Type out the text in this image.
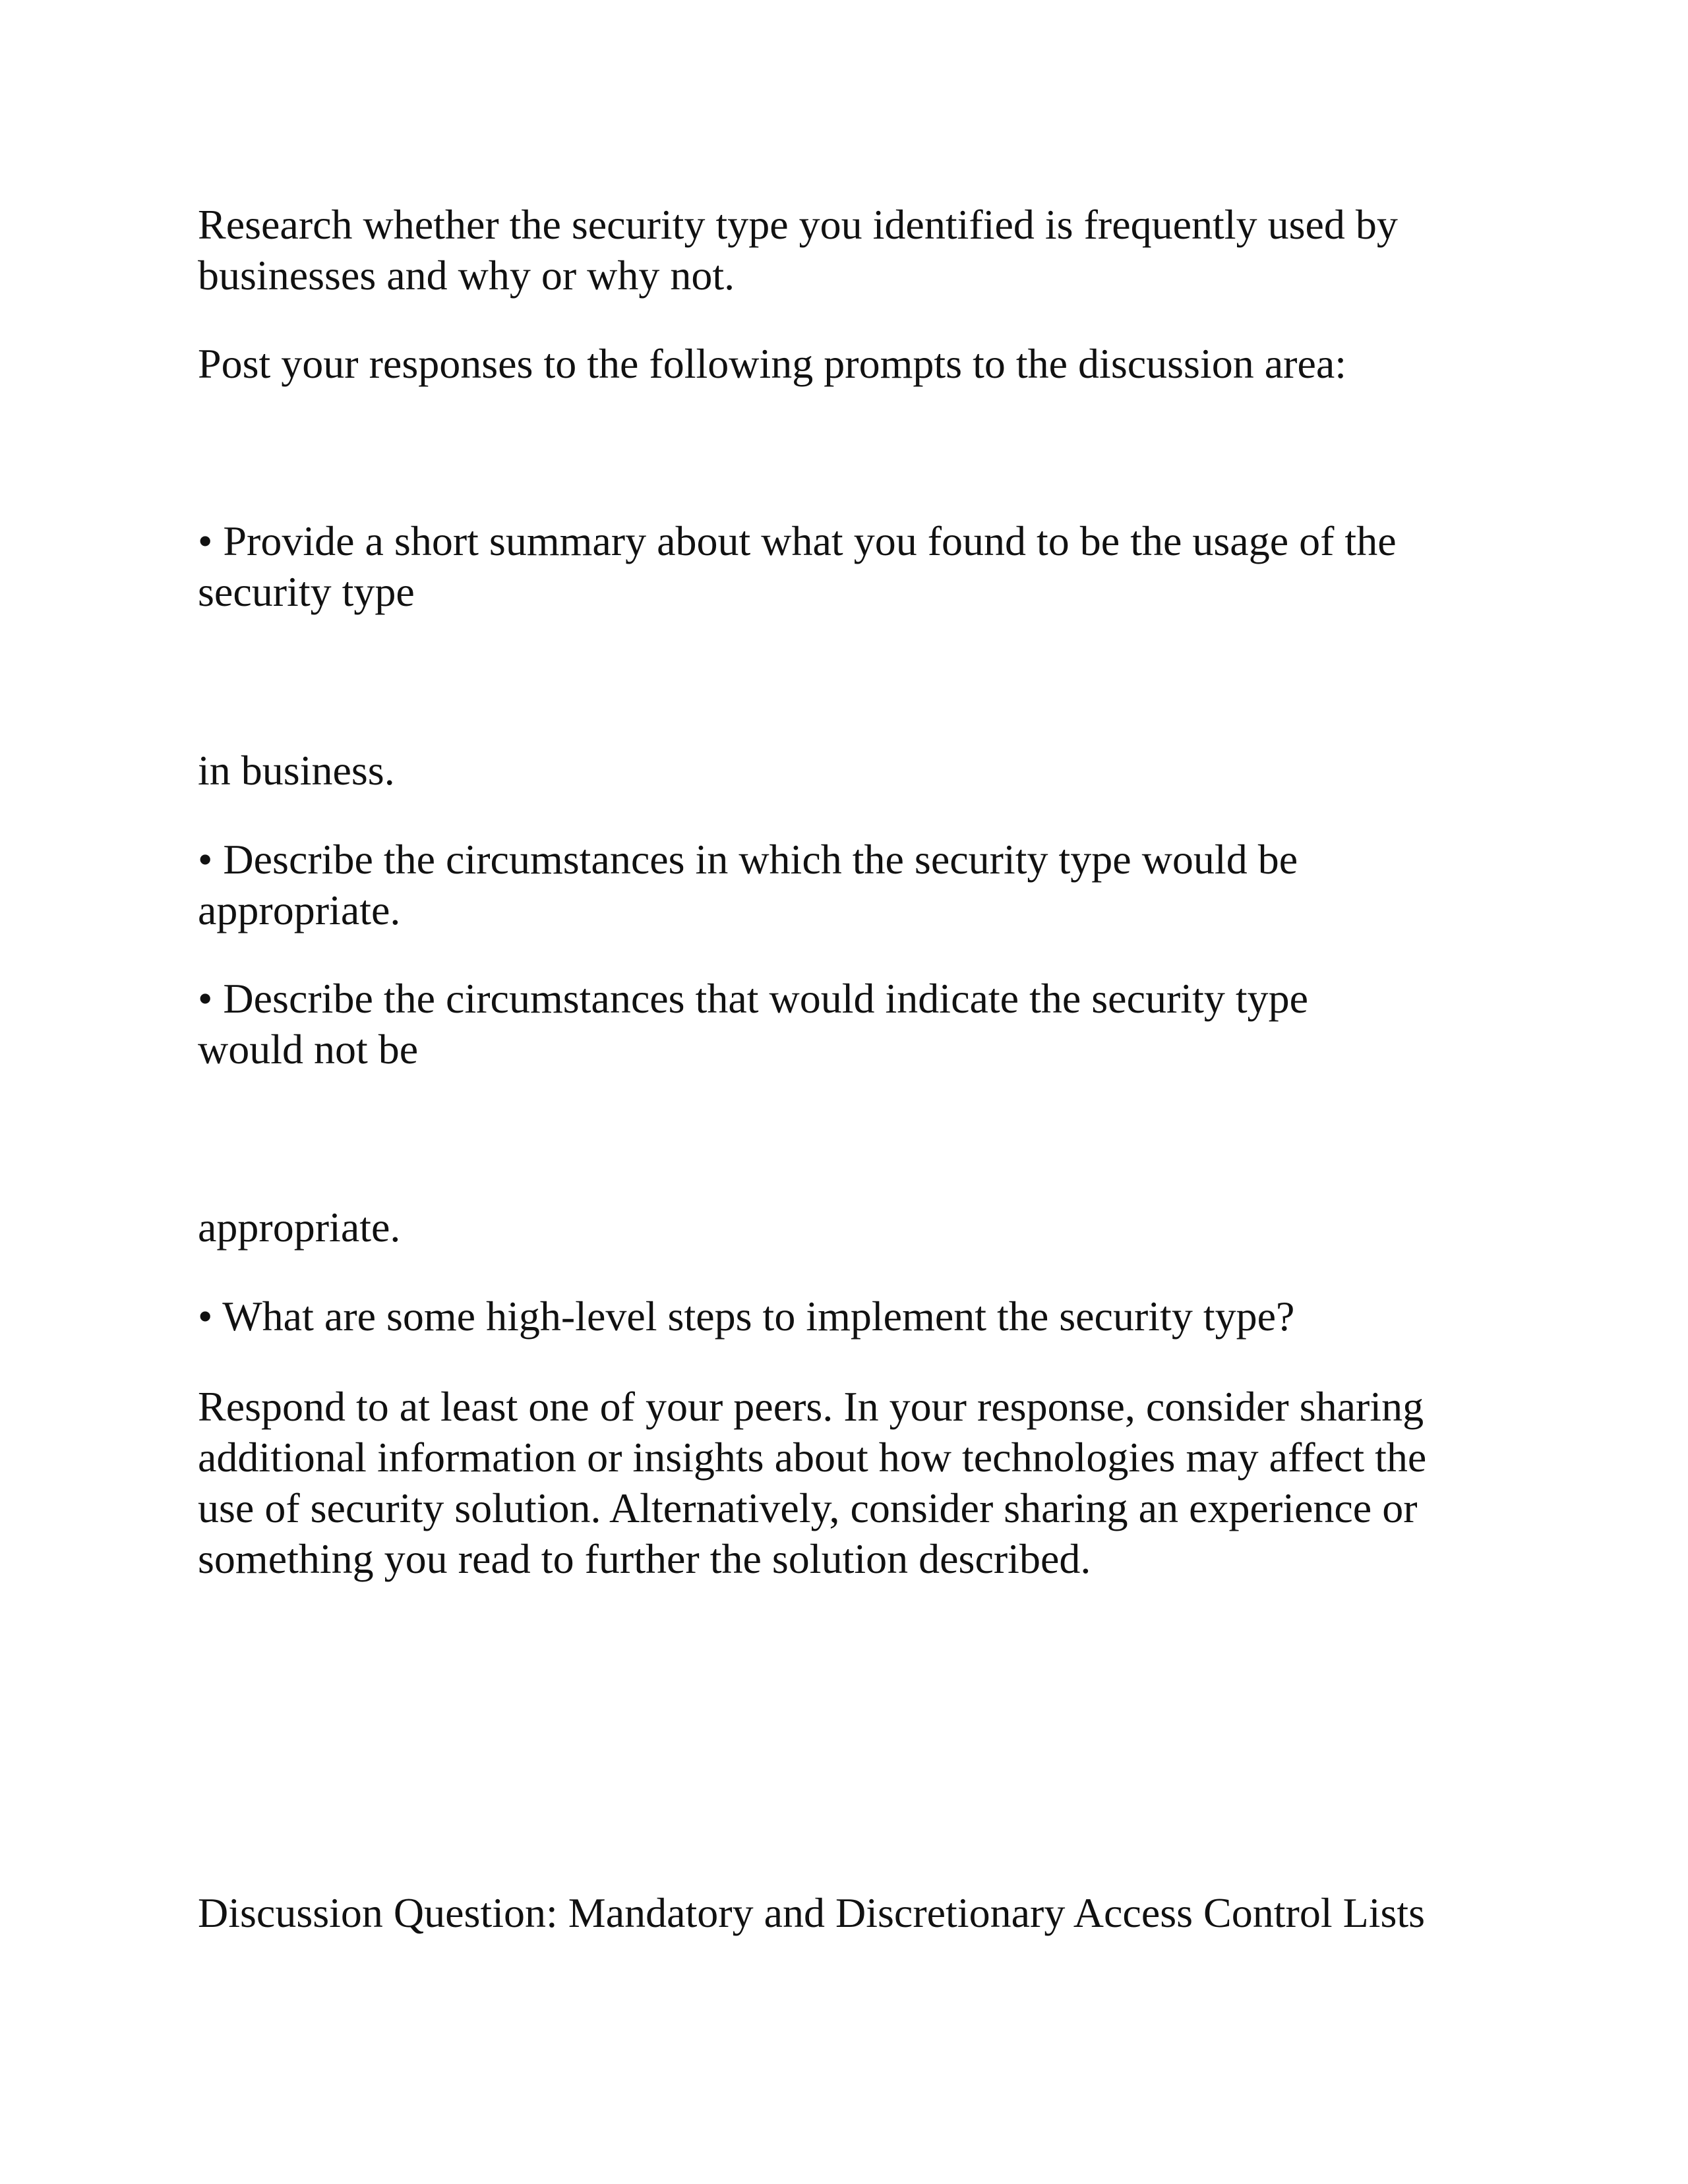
Research whether the security type you identified is frequently used by
businesses and why or why not.

Post your responses to the following prompts to the discussion area:

• Provide a short summary about what you found to be the usage of the
security type

in business.

• Describe the circumstances in which the security type would be
appropriate.

• Describe the circumstances that would indicate the security type
would not be

appropriate.

• What are some high-level steps to implement the security type?

Respond to at least one of your peers. In your response, consider sharing
additional information or insights about how technologies may affect the
use of security solution. Alternatively, consider sharing an experience or
something you read to further the solution described.

Discussion Question: Mandatory and Discretionary Access Control Lists
